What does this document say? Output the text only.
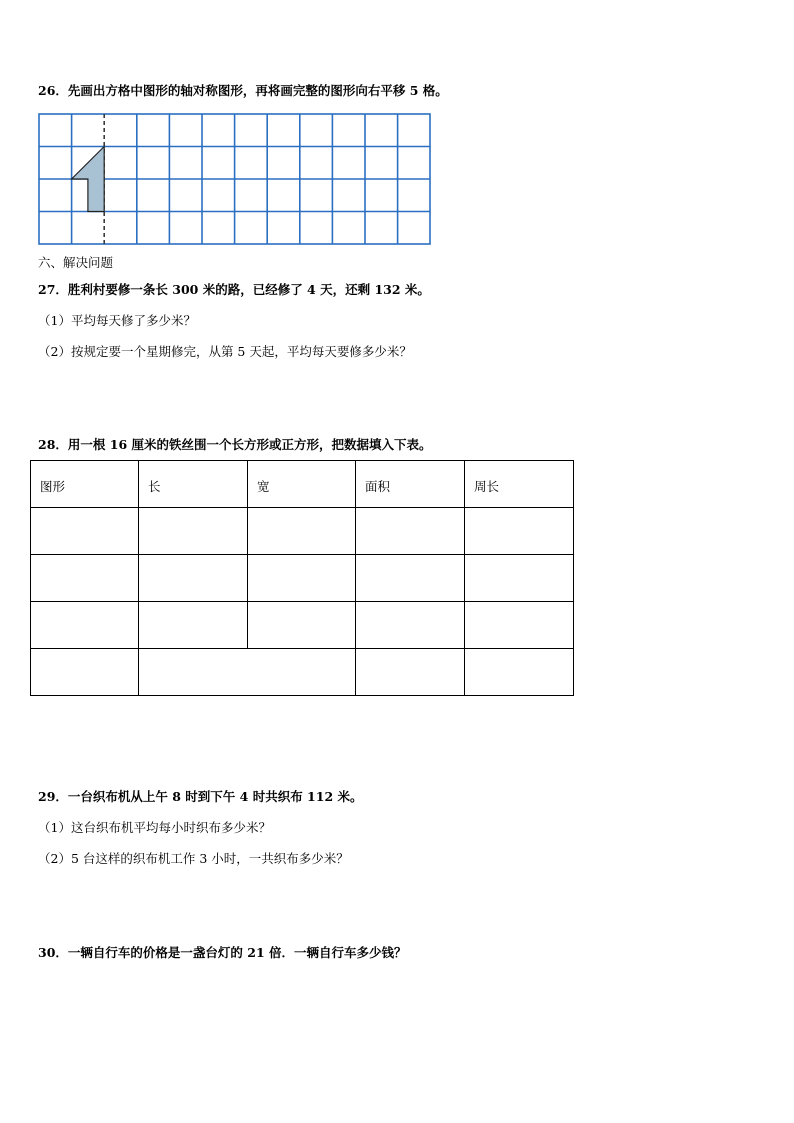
26．先画出方格中图形的轴对称图形，再将画完整的图形向右平移 5 格。
六、解决问题
27．胜利村要修一条长 300 米的路，已经修了 4 天，还剩 132 米。
（1）平均每天修了多少米？
（2）按规定要一个星期修完，从第 5 天起，平均每天要修多少米？
28．用一根 16 厘米的铁丝围一个长方形或正方形，把数据填入下表。
图形	长	宽	面积	周长

29．一台织布机从上午 8 时到下午 4 时共织布 112 米。
（1）这台织布机平均每小时织布多少米？
（2）5 台这样的织布机工作 3 小时，一共织布多少米？
30．一辆自行车的价格是一盏台灯的 21 倍．一辆自行车多少钱？
